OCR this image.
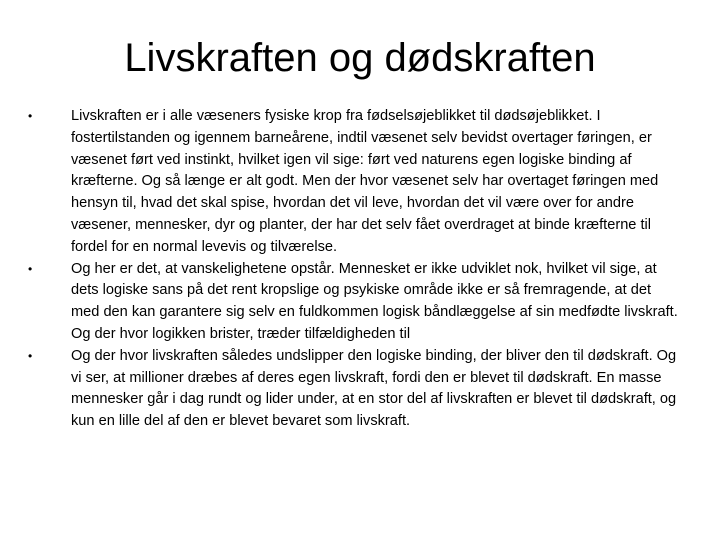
Livskraften og dødskraften
•	Livskraften er i alle væseners fysiske krop fra fødselsøjeblikket til dødsøjeblikket. I fostertilstanden og igennem barneårene, indtil væsenet selv bevidst overtager føringen, er væsenet ført ved instinkt, hvilket igen vil sige: ført ved naturens egen logiske binding af kræfterne. Og så længe er alt godt. Men der hvor væsenet selv har overtaget føringen med hensyn til, hvad det skal spise, hvordan det vil leve, hvordan det vil være over for andre væsener, mennesker, dyr og planter, der har det selv fået overdraget at binde kræfterne til fordel for en normal levevis og tilværelse.
•	Og her er det, at vanskelighetene opstår. Mennesket er ikke udviklet nok, hvilket vil sige, at dets logiske sans på det rent kropslige og psykiske område ikke er så fremragende, at det med den kan garantere sig selv en fuldkommen logisk båndlæggelse af sin medfødte livskraft. Og der hvor logikken brister, træder tilfældigheden til
•	Og der hvor livskraften således undslipper den logiske binding, der bliver den til dødskraft. Og vi ser, at millioner dræbes af deres egen livskraft, fordi den er blevet til dødskraft. En masse mennesker går i dag rundt og lider under, at en stor del af livskraften er blevet til dødskraft, og kun en lille del af den er blevet bevaret som livskraft.
